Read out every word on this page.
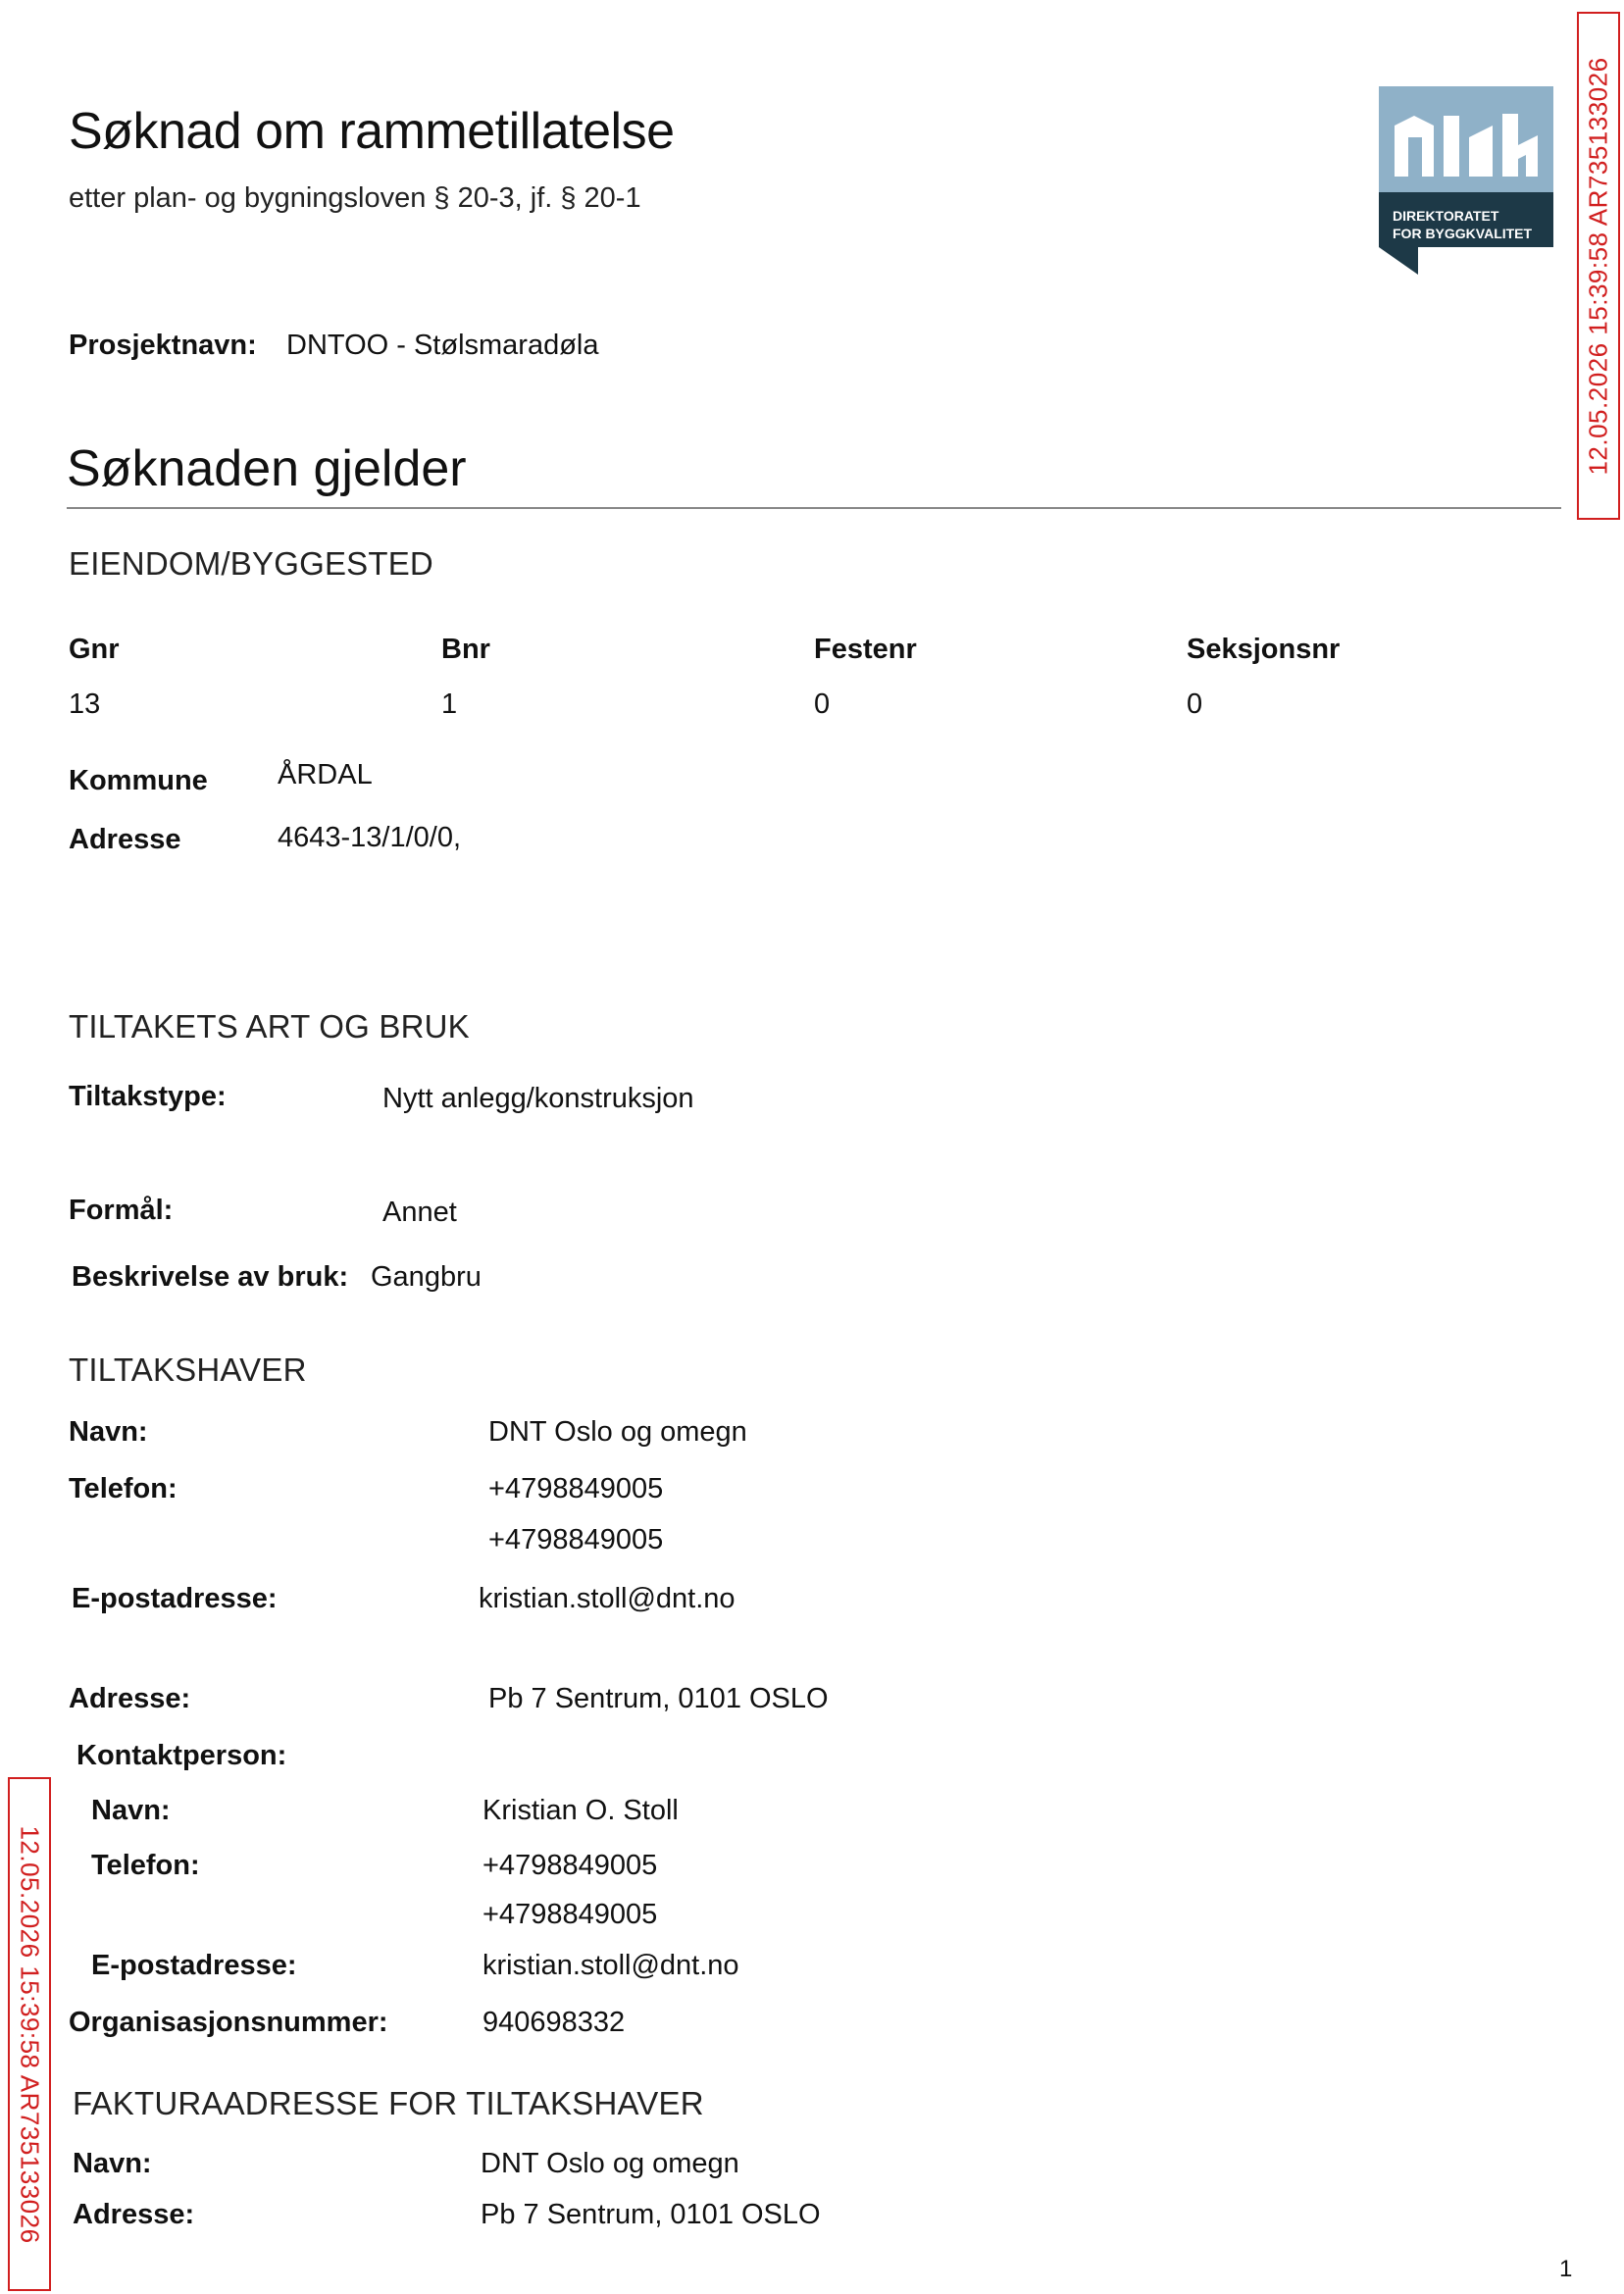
Søknad om rammetillatelse
etter plan- og bygningsloven § 20-3, jf. § 20-1
DIREKTORATET
FOR BYGGKVALITET 12.05.2026 15:39:58 AR735133026
12.05.2026 15:39:58 AR735133026
Prosjektnavn: DNTOO - Stølsmaradøla
Søknaden gjelder
EIENDOM/BYGGESTED
Gnr	Bnr	Festenr	Seksjonsnr
13	1	0	0
Kommune ÅRDAL
Adresse	4643-13/1/0/0,
TILTAKETS ART OG BRUK
Tiltakstype:	Nytt anlegg/konstruksjon
Formål:	Annet
Beskrivelse av bruk: Gangbru
TILTAKSHAVER
Navn:	DNT Oslo og omegn
Telefon:	+4798849005
+4798849005
E-postadresse:	kristian.stoll@dnt.no
Adresse:	Pb 7 Sentrum, 0101 OSLO
Kontaktperson:
Navn:	Kristian O. Stoll
Telefon:	+4798849005
+4798849005
E-postadresse:	kristian.stoll@dnt.no
Organisasjonsnummer:	940698332
FAKTURAADRESSE FOR TILTAKSHAVER
Navn:	DNT Oslo og omegn
Adresse:	Pb 7 Sentrum, 0101 OSLO
1
